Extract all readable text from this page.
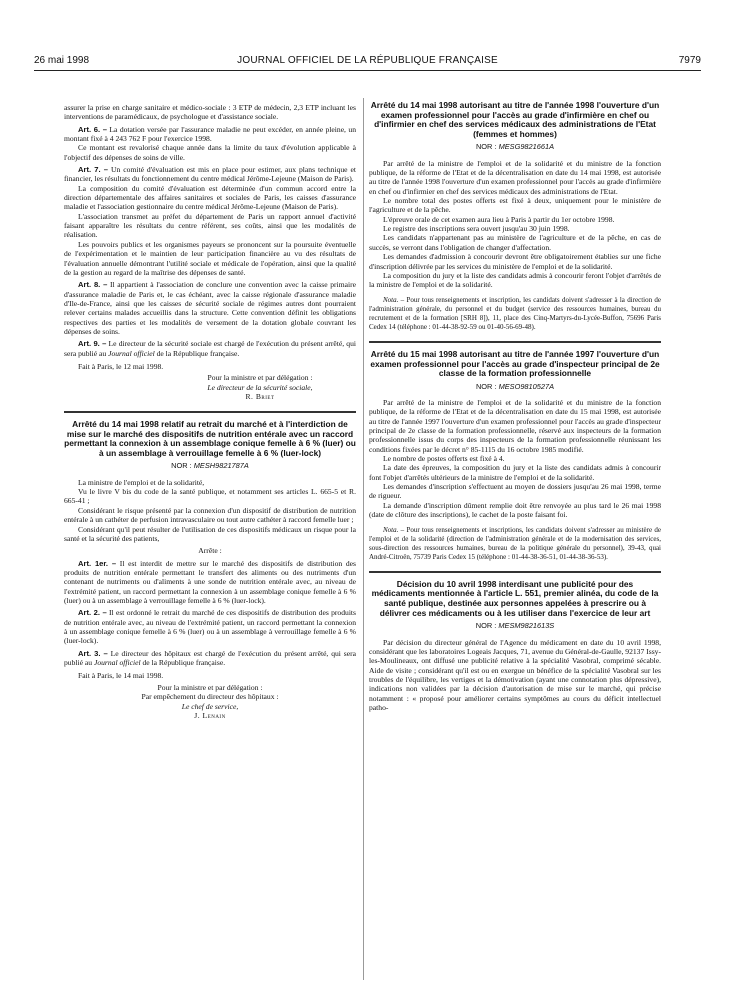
26 mai 1998	JOURNAL OFFICIEL DE LA RÉPUBLIQUE FRANÇAISE	7979

assurer la prise en charge sanitaire et médico-sociale : 3 ETP de médecin, 2,3 ETP incluant les interventions de paramédicaux, de psychologue et d'assistance sociale.

Art. 6. – La dotation versée par l'assurance maladie ne peut excéder, en année pleine, un montant fixé à 4 243 762 F pour l'exercice 1998.

Ce montant est revalorisé chaque année dans la limite du taux d'évolution applicable à l'objectif des dépenses de soins de ville.

Art. 7. – Un comité d'évaluation est mis en place pour estimer, aux plans technique et financier, les résultats du fonctionnement du centre médical Jérôme-Lejeune (Maison de Paris).

La composition du comité d'évaluation est déterminée d'un commun accord entre la direction départementale des affaires sanitaires et sociales de Paris, les caisses d'assurance maladie et l'association gestionnaire du centre médical Jérôme-Lejeune (Maison de Paris).

L'association transmet au préfet du département de Paris un rapport annuel d'activité faisant apparaître les résultats du centre référent, ses coûts, ainsi que les modalités de réalisation.

Les pouvoirs publics et les organismes payeurs se prononcent sur la poursuite éventuelle de l'expérimentation et le maintien de leur participation financière au vu des résultats de l'évaluation annuelle démontrant l'utilité sociale et médicale de l'opération, ainsi que la qualité de la gestion au regard de la maîtrise des dépenses de santé.

Art. 8. – Il appartient à l'association de conclure une convention avec la caisse primaire d'assurance maladie de Paris et, le cas échéant, avec la caisse régionale d'assurance maladie d'Ile-de-France, ainsi que les caisses de sécurité sociale de régimes autres dont pourraient relever certains malades accueillis dans la structure. Cette convention définit les obligations respectives des parties et les modalités de versement de la dotation globale couvrant les dépenses de soins.

Art. 9. – Le directeur de la sécurité sociale est chargé de l'exécution du présent arrêté, qui sera publié au Journal officiel de la République française.

Fait à Paris, le 12 mai 1998.

Pour la ministre et par délégation :
Le directeur de la sécurité sociale,
R. Briet
Arrêté du 14 mai 1998 relatif au retrait du marché et à l'interdiction de mise sur le marché des dispositifs de nutrition entérale avec un raccord permettant la connexion à un assemblage conique femelle à 6 % (luer) ou à un assemblage à verrouillage femelle à 6 % (luer-lock)
NOR : MESH9821787A

La ministre de l'emploi et de la solidarité,

Vu le livre V bis du code de la santé publique, et notamment ses articles L. 665-5 et R. 665-41 ;

Considérant le risque présenté par la connexion d'un dispositif de distribution de nutrition entérale à un cathéter de perfusion intravasculaire ou tout autre cathéter à raccord femelle luer ;

Considérant qu'il peut résulter de l'utilisation de ces dispositifs médicaux un risque pour la santé et la sécurité des patients,

Arrête :

Art. 1er. – Il est interdit de mettre sur le marché des dispositifs de distribution des produits de nutrition entérale permettant le transfert des aliments ou des nutriments d'un contenant de nutriments ou d'aliments à une sonde de nutrition entérale avec, au niveau de l'extrémité patient, un raccord permettant la connexion à un assemblage conique femelle à 6 % (luer) ou à un assemblage à verrouillage femelle à 6 % (luer-lock).

Art. 2. – Il est ordonné le retrait du marché de ces dispositifs de distribution des produits de nutrition entérale avec, au niveau de l'extrémité patient, un raccord permettant la connexion à un assemblage conique femelle à 6 % (luer) ou à un assemblage à verrouillage femelle à 6 % (luer-lock).

Art. 3. – Le directeur des hôpitaux est chargé de l'exécution du présent arrêté, qui sera publié au Journal officiel de la République française.

Fait à Paris, le 14 mai 1998.

Pour la ministre et par délégation :
Par empêchement du directeur des hôpitaux :
Le chef de service,
J. Lenain
Arrêté du 14 mai 1998 autorisant au titre de l'année 1998 l'ouverture d'un examen professionnel pour l'accès au grade d'infirmière en chef ou d'infirmier en chef des services médicaux des administrations de l'Etat (femmes et hommes)
NOR : MESG9821661A

Par arrêté de la ministre de l'emploi et de la solidarité et du ministre de la fonction publique, de la réforme de l'Etat et de la décentralisation en date du 14 mai 1998, est autorisée au titre de l'année 1998 l'ouverture d'un examen professionnel pour l'accès au grade d'infirmière en chef ou d'infirmier en chef des services médicaux des administrations de l'Etat.

Le nombre total des postes offerts est fixé à deux, uniquement pour le ministère de l'agriculture et de la pêche.

L'épreuve orale de cet examen aura lieu à Paris à partir du 1er octobre 1998.

Le registre des inscriptions sera ouvert jusqu'au 30 juin 1998.

Les candidats n'appartenant pas au ministère de l'agriculture et de la pêche, en cas de succès, se verront dans l'obligation de changer d'affectation.

Les demandes d'admission à concourir devront être obligatoirement établies sur une fiche d'inscription délivrée par les services du ministère de l'emploi et de la solidarité.

La composition du jury et la liste des candidats admis à concourir feront l'objet d'arrêtés de la ministre de l'emploi et de la solidarité.

Nota. – Pour tous renseignements et inscription, les candidats doivent s'adresser à la direction de l'administration générale, du personnel et du budget (service des ressources humaines, bureau du recrutement et de la formation [SRH 8]), 11, place des Cinq-Martyrs-du-Lycée-Buffon, 75696 Paris Cedex 14 (téléphone : 01-44-38-92-59 ou 01-40-56-69-48).

Arrêté du 15 mai 1998 autorisant au titre de l'année 1997 l'ouverture d'un examen professionnel pour l'accès au grade d'inspecteur principal de 2e classe de la formation professionnelle
NOR : MESO9810527A

Par arrêté de la ministre de l'emploi et de la solidarité et du ministre de la fonction publique, de la réforme de l'Etat et de la décentralisation en date du 15 mai 1998, est autorisée au titre de l'année 1997 l'ouverture d'un examen professionnel pour l'accès au grade d'inspecteur principal de 2e classe de la formation professionnelle, réservé aux inspecteurs de la formation professionnelle issus du corps des inspecteurs de la formation professionnelle réunissant les conditions fixées par le décret n° 85-1115 du 16 octobre 1985 modifié.

Le nombre de postes offerts est fixé à 4.

La date des épreuves, la composition du jury et la liste des candidats admis à concourir font l'objet d'arrêtés ultérieurs de la ministre de l'emploi et de la solidarité.

Les demandes d'inscription s'effectuent au moyen de dossiers jusqu'au 26 mai 1998, terme de rigueur.

La demande d'inscription dûment remplie doit être renvoyée au plus tard le 26 mai 1998 (date de clôture des inscriptions), le cachet de la poste faisant foi.

Nota. – Pour tous renseignements et inscriptions, les candidats doivent s'adresser au ministère de l'emploi et de la solidarité (direction de l'administration générale et de la modernisation des services, sous-direction des ressources humaines, bureau de la politique générale du personnel), 39-43, quai André-Citroën, 75739 Paris Cedex 15 (téléphone : 01-44-38-36-51, 01-44-38-36-53).

Décision du 10 avril 1998 interdisant une publicité pour des médicaments mentionnée à l'article L. 551, premier alinéa, du code de la santé publique, destinée aux personnes appelées à prescrire ou à délivrer ces médicaments ou à les utiliser dans l'exercice de leur art
NOR : MESM9821613S

Par décision du directeur général de l'Agence du médicament en date du 10 avril 1998, considérant que les laboratoires Logeais Jacques, 71, avenue du Général-de-Gaulle, 92137 Issy-les-Moulineaux, ont diffusé une publicité relative à la spécialité Vasobral, comprimé sécable. Aide de visite ; considérant qu'il est ou en exergue un bénéfice de la spécialité Vasobral sur les troubles de l'équilibre, les vertiges et la démotivation (ayant une connotation plus dépressive), indications non validées par la décision d'autorisation de mise sur le marché, qui précise notamment : « proposé pour améliorer certains symptômes au cours du déficit intellectuel patho-
